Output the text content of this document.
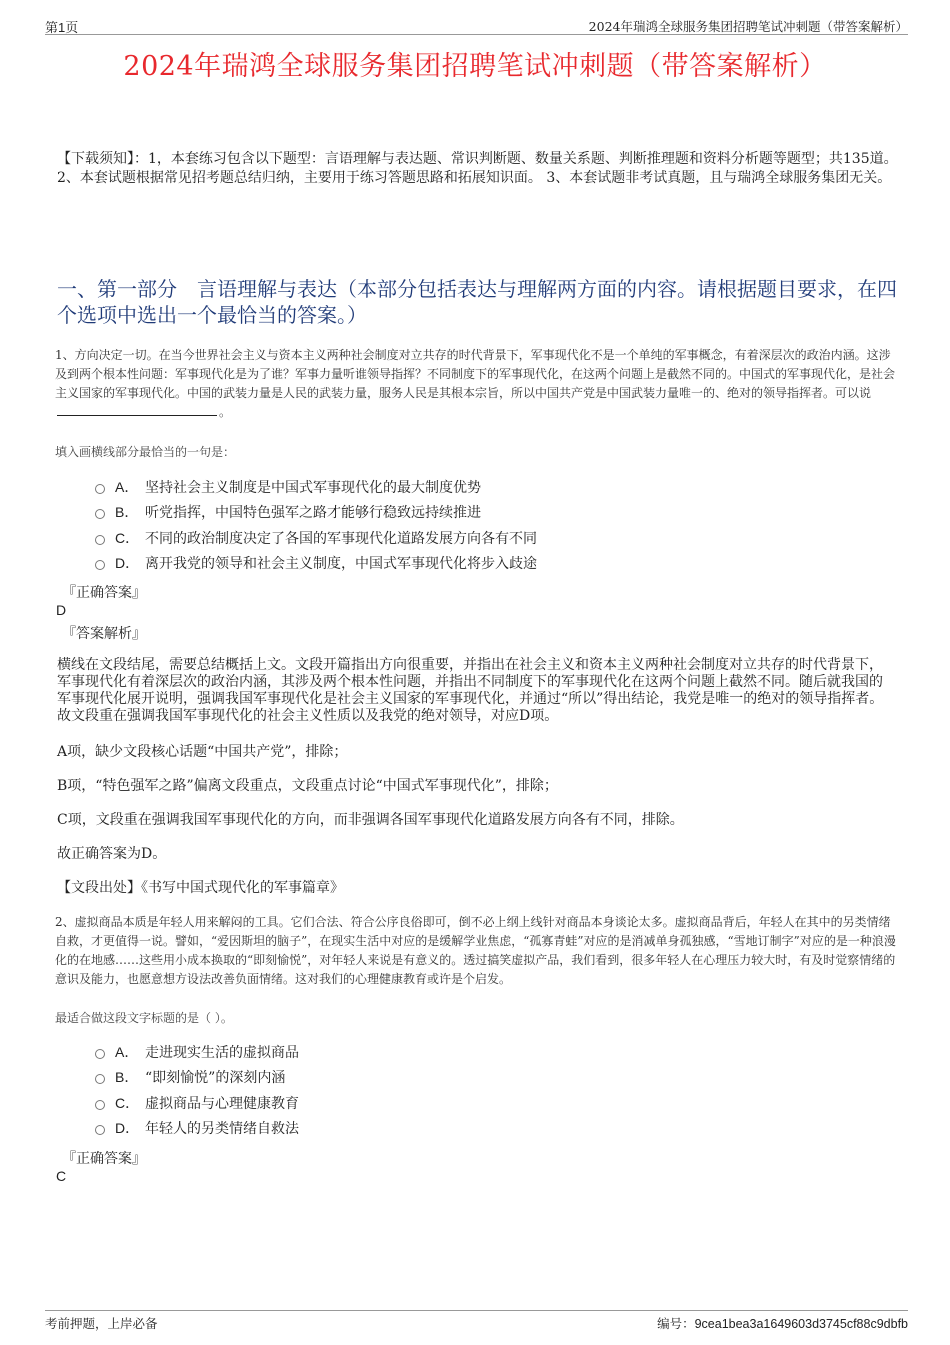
第1页	2024年瑞鸿全球服务集团招聘笔试冲刺题（带答案解析）
2024年瑞鸿全球服务集团招聘笔试冲刺题（带答案解析）
【下载须知】：1，本套练习包含以下题型：言语理解与表达题、常识判断题、数量关系题、判断推理题和资料分析题等题型；共135道。 2、本套试题根据常见招考题总结归纳，主要用于练习答题思路和拓展知识面。 3、本套试题非考试真题，且与瑞鸿全球服务集团无关。
一、第一部分　言语理解与表达（本部分包括表达与理解两方面的内容。请根据题目要求，在四个选项中选出一个最恰当的答案。）
1、方向决定一切。在当今世界社会主义与资本主义两种社会制度对立共存的时代背景下，军事现代化不是一个单纯的军事概念，有着深层次的政治内涵。这涉及到两个根本性问题：军事现代化是为了谁？军事力量听谁领导指挥？不同制度下的军事现代化，在这两个问题上是截然不同的。中国式的军事现代化，是社会主义国家的军事现代化。中国的武装力量是人民的武装力量，服务人民是其根本宗旨，所以中国共产党是中国武装力量唯一的、绝对的领导指挥者。可以说。
填入画横线部分最恰当的一句是：
A． 坚持社会主义制度是中国式军事现代化的最大制度优势
B． 听党指挥，中国特色强军之路才能够行稳致远持续推进
C． 不同的政治制度决定了各国的军事现代化道路发展方向各有不同
D． 离开我党的领导和社会主义制度，中国式军事现代化将步入歧途
『正确答案』
D
『答案解析』
横线在文段结尾，需要总结概括上文。文段开篇指出方向很重要，并指出在社会主义和资本主义两种社会制度对立共存的时代背景下，军事现代化有着深层次的政治内涵，其涉及两个根本性问题，并指出不同制度下的军事现代化在这两个问题上截然不同。随后就我国的军事现代化展开说明，强调我国军事现代化是社会主义国家的军事现代化，并通过“所以”得出结论，我党是唯一的绝对的领导指挥者。故文段重在强调我国军事现代化的社会主义性质以及我党的绝对领导，对应D项。
A项，缺少文段核心话题“中国共产党”，排除；
B项，“特色强军之路”偏离文段重点，文段重点讨论“中国式军事现代化”，排除；
C项，文段重在强调我国军事现代化的方向，而非强调各国军事现代化道路发展方向各有不同，排除。
故正确答案为D。
【文段出处】《书写中国式现代化的军事篇章》
2、虚拟商品本质是年轻人用来解闷的工具。它们合法、符合公序良俗即可，倒不必上纲上线针对商品本身谈论太多。虚拟商品背后，年轻人在其中的另类情绪自救，才更值得一说。譬如，“爱因斯坦的脑子”，在现实生活中对应的是缓解学业焦虑，“孤寡青蛙”对应的是消减单身孤独感，“雪地订制字”对应的是一种浪漫化的在地感……这些用小成本换取的“即刻愉悦”，对年轻人来说是有意义的。透过搞笑虚拟产品，我们看到，很多年轻人在心理压力较大时，有及时觉察情绪的意识及能力，也愿意想方设法改善负面情绪。这对我们的心理健康教育或许是个启发。
最适合做这段文字标题的是（ ）。
A． 走进现实生活的虚拟商品
B． “即刻愉悦”的深刻内涵
C． 虚拟商品与心理健康教育
D． 年轻人的另类情绪自救法
『正确答案』
C
考前押题，上岸必备	编号：9cea1bea3a1649603d3745cf88c9dbfb
